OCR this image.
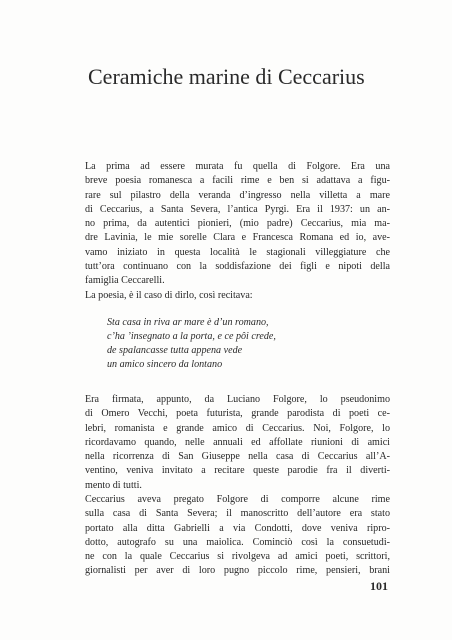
Ceramiche marine di Ceccarius
La prima ad essere murata fu quella di Folgore. Era una
breve poesia romanesca a facili rime e ben si adattava a figu-
rare sul pilastro della veranda d’ingresso nella villetta a mare
di Ceccarius, a Santa Severa, l’antica Pyrgi. Era il 1937: un an-
no prima, da autentici pionieri, (mio padre) Ceccarius, mia ma-
dre Lavinia, le mie sorelle Clara e Francesca Romana ed io, ave-
vamo iniziato in questa località le stagionali villeggiature che
tutt’ora continuano con la soddisfazione dei figli e nipoti della
famiglia Ceccarelli.
La poesia, è il caso di dirlo, così recitava:
Sta casa in riva ar mare è d’un romano,
c’ha ’insegnato a la porta, e ce pôi crede,
de spalancasse tutta appena vede
un amico sincero da lontano
Era firmata, appunto, da Luciano Folgore, lo pseudonimo
di Omero Vecchi, poeta futurista, grande parodista di poeti ce-
lebri, romanista e grande amico di Ceccarius. Noi, Folgore, lo
ricordavamo quando, nelle annuali ed affollate riunioni di amici
nella ricorrenza di San Giuseppe nella casa di Ceccarius all’A-
ventino, veniva invitato a recitare queste parodie fra il diverti-
mento di tutti.
Ceccarius aveva pregato Folgore di comporre alcune rime
sulla casa di Santa Severa; il manoscritto dell’autore era stato
portato alla ditta Gabrielli a via Condotti, dove veniva ripro-
dotto, autografo su una maiolica. Cominciò così la consuetudi-
ne con la quale Ceccarius si rivolgeva ad amici poeti, scrittori,
giornalisti per aver di loro pugno piccolo rime, pensieri, brani
101
